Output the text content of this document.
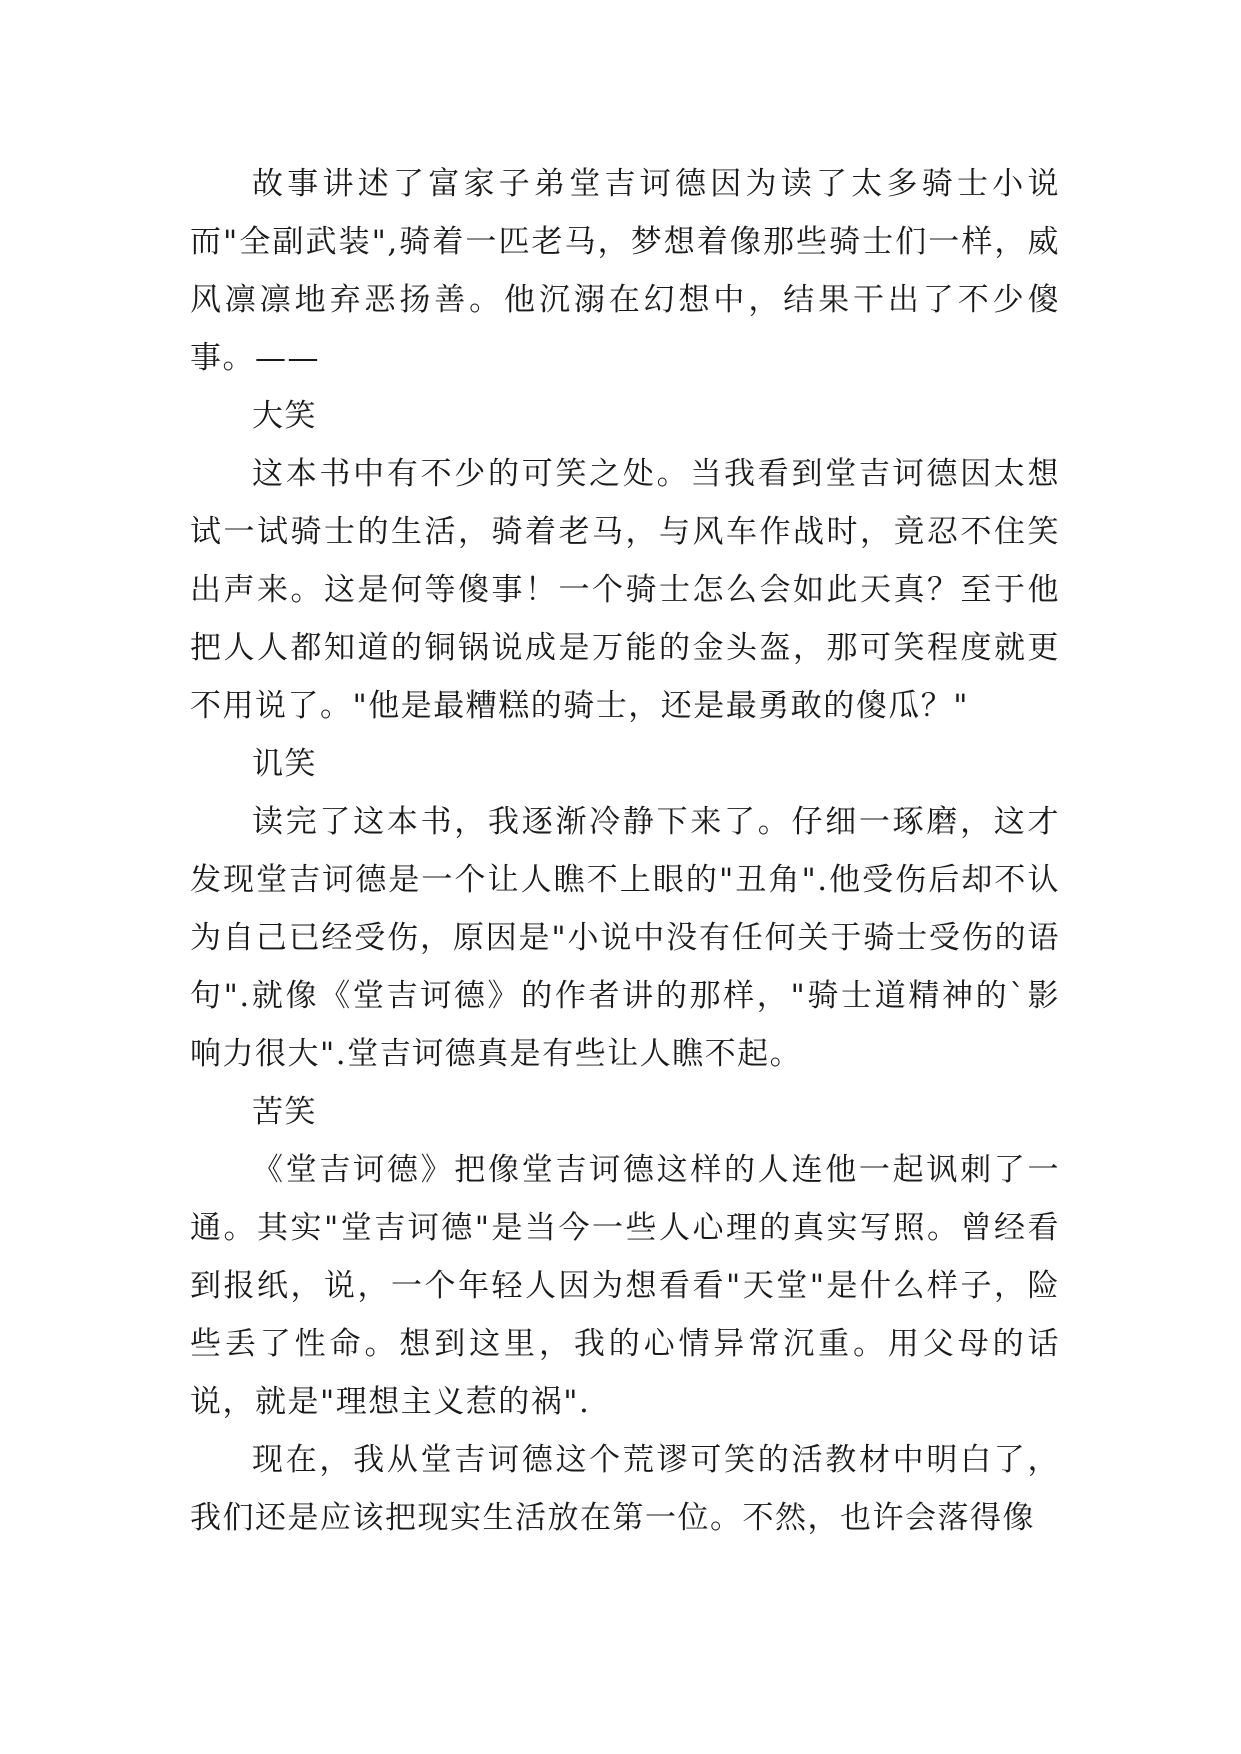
故事讲述了富家子弟堂吉诃德因为读了太多骑士小说而"全副武装",骑着一匹老马，梦想着像那些骑士们一样，威风凛凛地弃恶扬善。他沉溺在幻想中，结果干出了不少傻事。——

大笑

这本书中有不少的可笑之处。当我看到堂吉诃德因太想试一试骑士的生活，骑着老马，与风车作战时，竟忍不住笑出声来。这是何等傻事！一个骑士怎么会如此天真？至于他把人人都知道的铜锅说成是万能的金头盔，那可笑程度就更不用说了。"他是最糟糕的骑士，还是最勇敢的傻瓜？"

讥笑

读完了这本书，我逐渐冷静下来了。仔细一琢磨，这才发现堂吉诃德是一个让人瞧不上眼的"丑角".他受伤后却不认为自己已经受伤，原因是"小说中没有任何关于骑士受伤的语句".就像《堂吉诃德》的作者讲的那样，"骑士道精神的`影响力很大".堂吉诃德真是有些让人瞧不起。

苦笑

《堂吉诃德》把像堂吉诃德这样的人连他一起讽刺了一通。其实"堂吉诃德"是当今一些人心理的真实写照。曾经看到报纸，说，一个年轻人因为想看看"天堂"是什么样子，险些丢了性命。想到这里，我的心情异常沉重。用父母的话说，就是"理想主义惹的祸".

现在，我从堂吉诃德这个荒谬可笑的活教材中明白了，我们还是应该把现实生活放在第一位。不然，也许会落得像
